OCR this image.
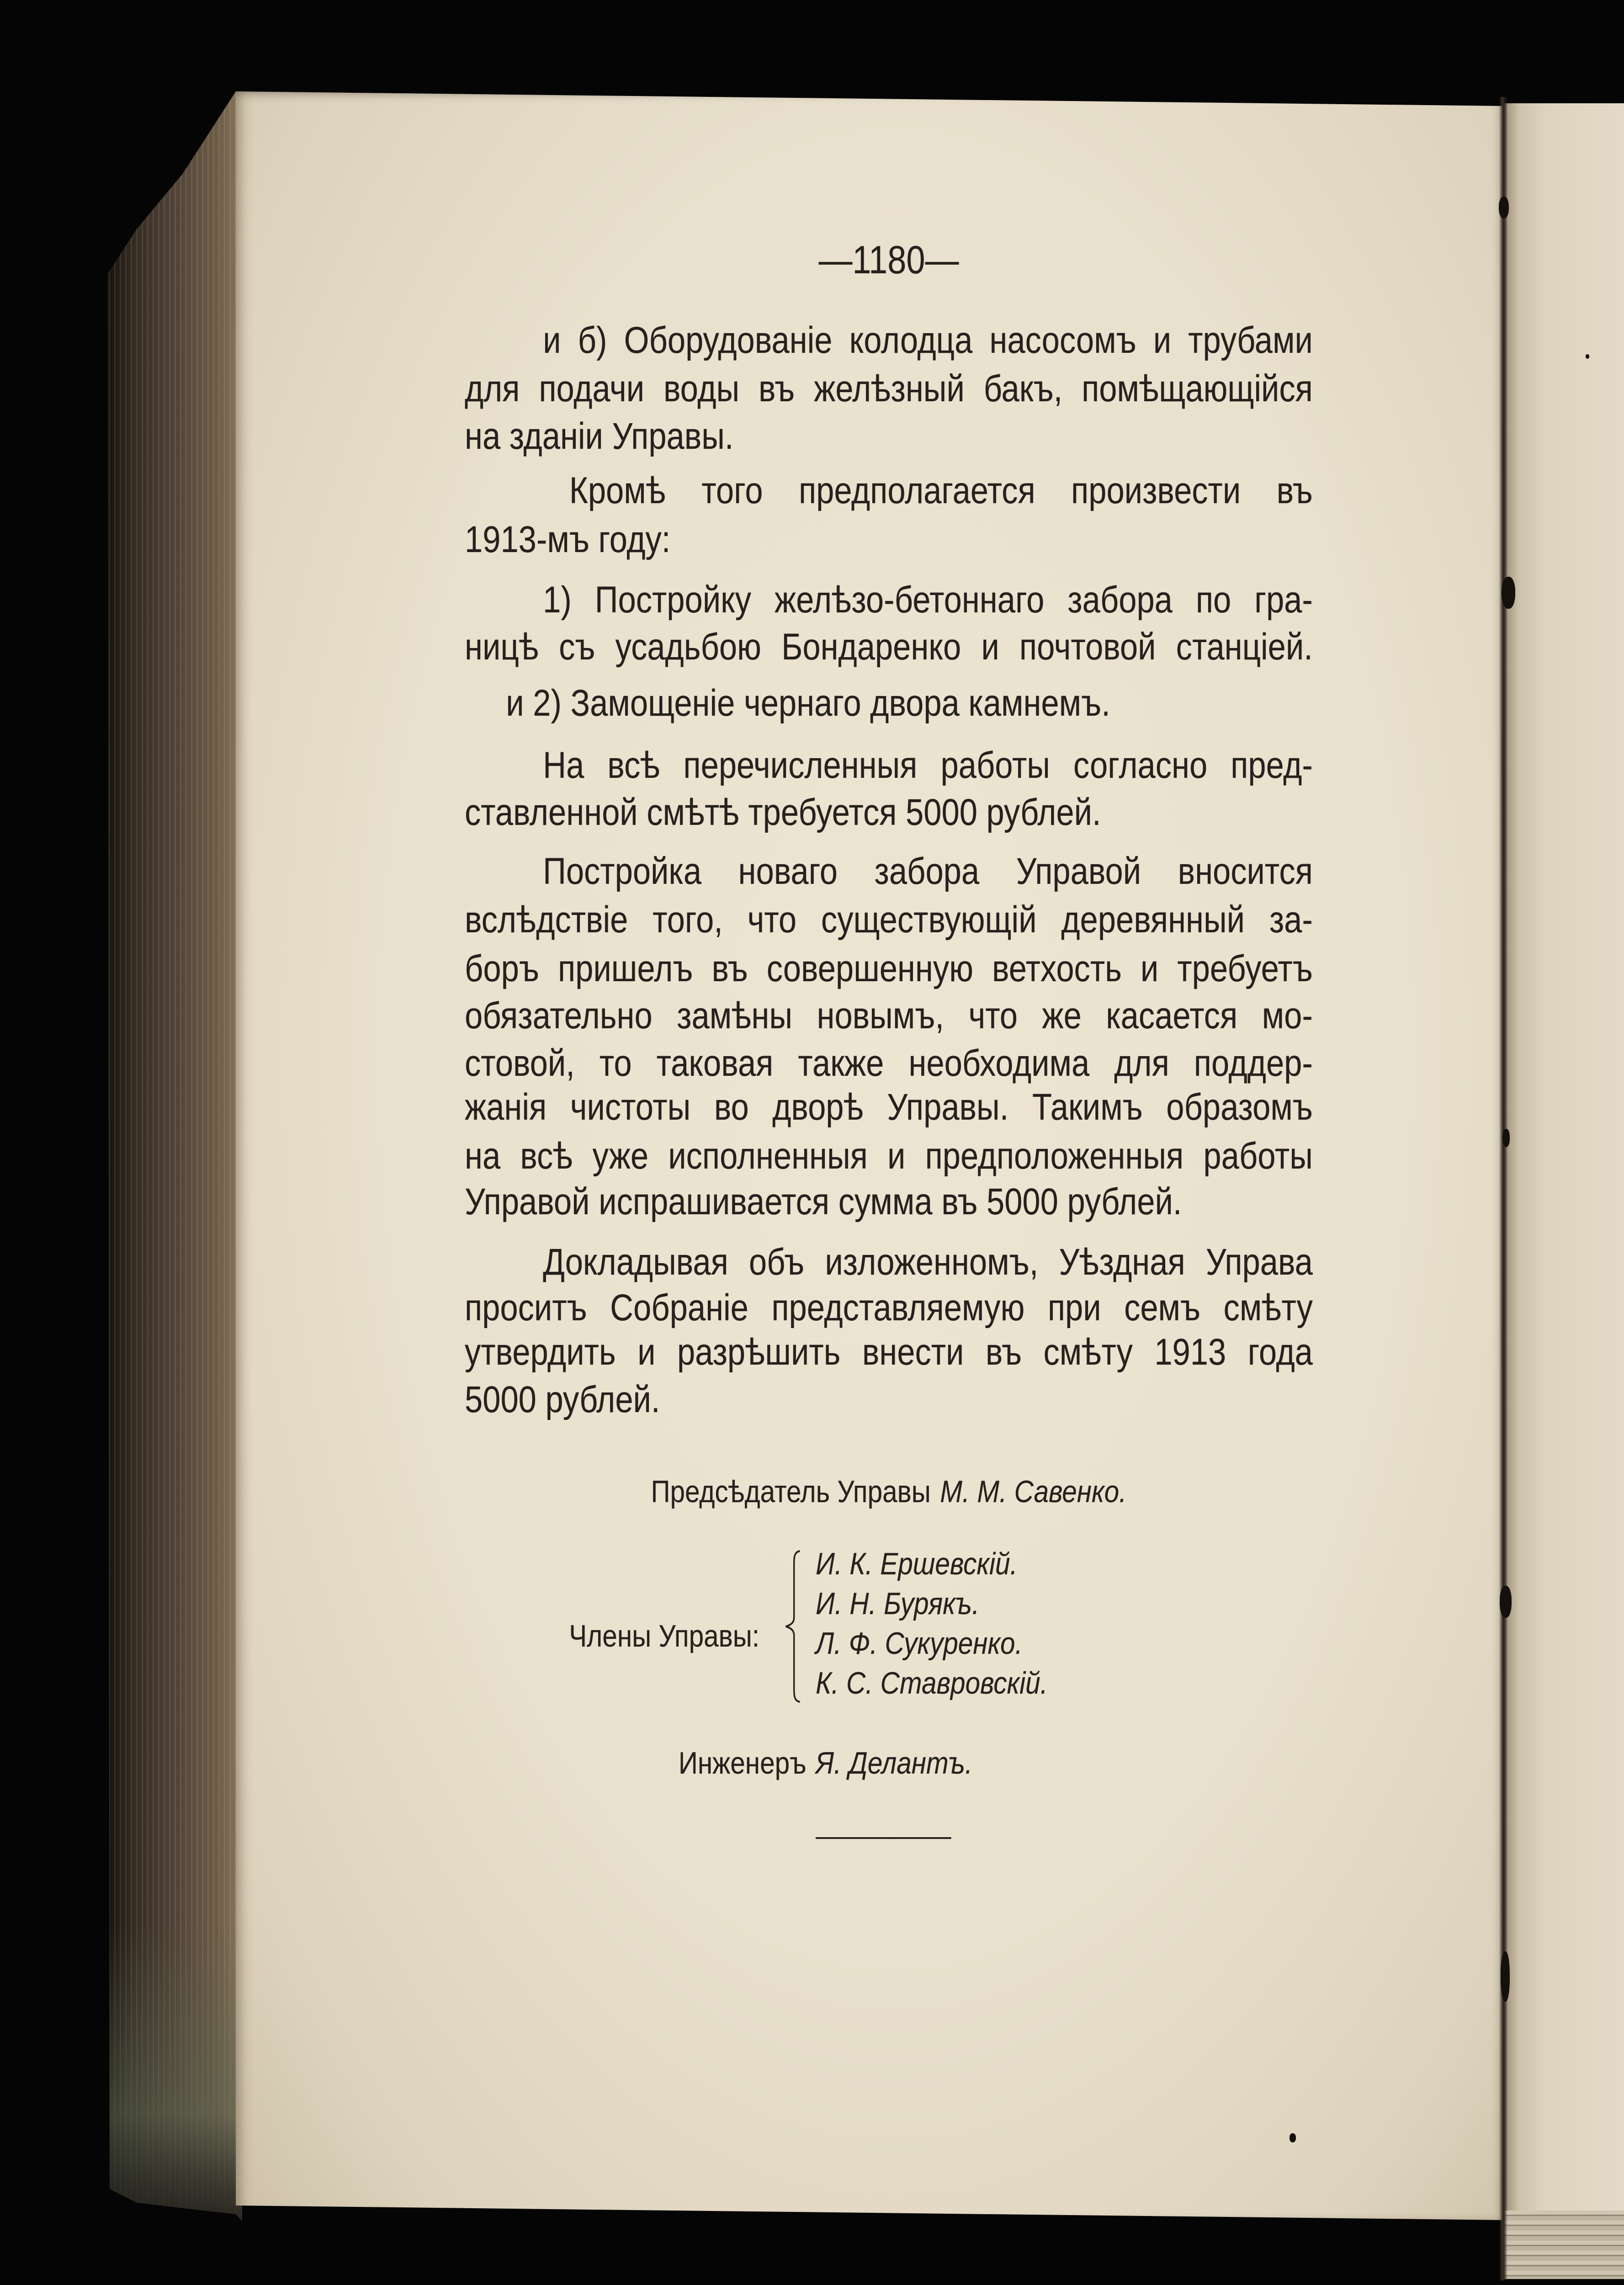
—1180—
и б) Оборудованіе колодца насосомъ и трубами
для подачи воды въ желѣзный бакъ, помѣщающійся
на зданіи Управы.
Кромѣ того предполагается произвести въ
1913-мъ году:
1) Постройку желѣзо-бетоннаго забора по гра-
ницѣ съ усадьбою Бондаренко и почтовой станціей.
и 2) Замощеніе чернаго двора камнемъ.
На всѣ перечисленныя работы согласно пред-
ставленной смѣтѣ требуется 5000 рублей.
Постройка новаго забора Управой вносится
вслѣдствіе того, что существующій деревянный за-
боръ пришелъ въ совершенную ветхость и требуетъ
обязательно замѣны новымъ, что же касается мо-
стовой, то таковая также необходима для поддер-
жанія чистоты во дворѣ Управы. Такимъ образомъ
на всѣ уже исполненныя и предположенныя работы
Управой испрашивается сумма въ 5000 рублей.
Докладывая объ изложенномъ, Уѣздная Управа
проситъ Собраніе представляемую при семъ смѣту
утвердить и разрѣшить внести въ смѣту 1913 года
5000 рублей.
Предсѣдатель Управы М. М. Савенко.
Члены Управы:
И. К. Ершевскій.
И. Н. Бурякъ.
Л. Ф. Сукуренко.
К. С. Ставровскій.
Инженеръ Я. Делантъ.
